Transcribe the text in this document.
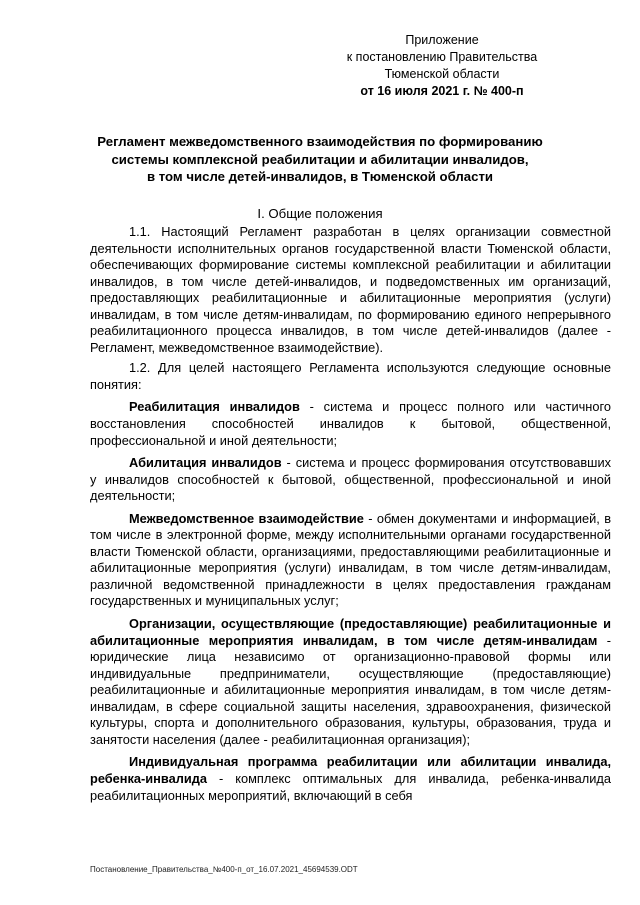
Приложение
к постановлению Правительства
Тюменской области
от 16 июля 2021 г. № 400-п
Регламент межведомственного взаимодействия по формированию
системы комплексной реабилитации и абилитации инвалидов,
в том числе детей-инвалидов, в Тюменской области
I. Общие положения

1.1. Настоящий Регламент разработан в целях организации совместной деятельности исполнительных органов государственной власти Тюменской области, обеспечивающих формирование системы комплексной реабилитации и абилитации инвалидов, в том числе детей-инвалидов, и подведомственных им организаций, предоставляющих реабилитационные и абилитационные мероприятия (услуги) инвалидам, в том числе детям-инвалидам, по формированию единого непрерывного реабилитационного процесса инвалидов, в том числе детей-инвалидов (далее - Регламент, межведомственное взаимодействие).

1.2. Для целей настоящего Регламента используются следующие основные понятия:

Реабилитация инвалидов - система и процесс полного или частичного восстановления способностей инвалидов к бытовой, общественной, профессиональной и иной деятельности;

Абилитация инвалидов - система и процесс формирования отсутствовавших у инвалидов способностей к бытовой, общественной, профессиональной и иной деятельности;

Межведомственное взаимодействие - обмен документами и информацией, в том числе в электронной форме, между исполнительными органами государственной власти Тюменской области, организациями, предоставляющими реабилитационные и абилитационные мероприятия (услуги) инвалидам, в том числе детям-инвалидам, различной ведомственной принадлежности в целях предоставления гражданам государственных и муниципальных услуг;

Организации, осуществляющие (предоставляющие) реабилитационные и абилитационные мероприятия инвалидам, в том числе детям-инвалидам - юридические лица независимо от организационно-правовой формы или индивидуальные предприниматели, осуществляющие (предоставляющие) реабилитационные и абилитационные мероприятия инвалидам, в том числе детям-инвалидам, в сфере социальной защиты населения, здравоохранения, физической культуры, спорта и дополнительного образования, культуры, образования, труда и занятости населения (далее - реабилитационная организация);

Индивидуальная программа реабилитации или абилитации инвалида, ребенка-инвалида - комплекс оптимальных для инвалида, ребенка-инвалида реабилитационных мероприятий, включающий в себя

Постановление_Правительства_№400-п_от_16.07.2021_45694539.ODT
